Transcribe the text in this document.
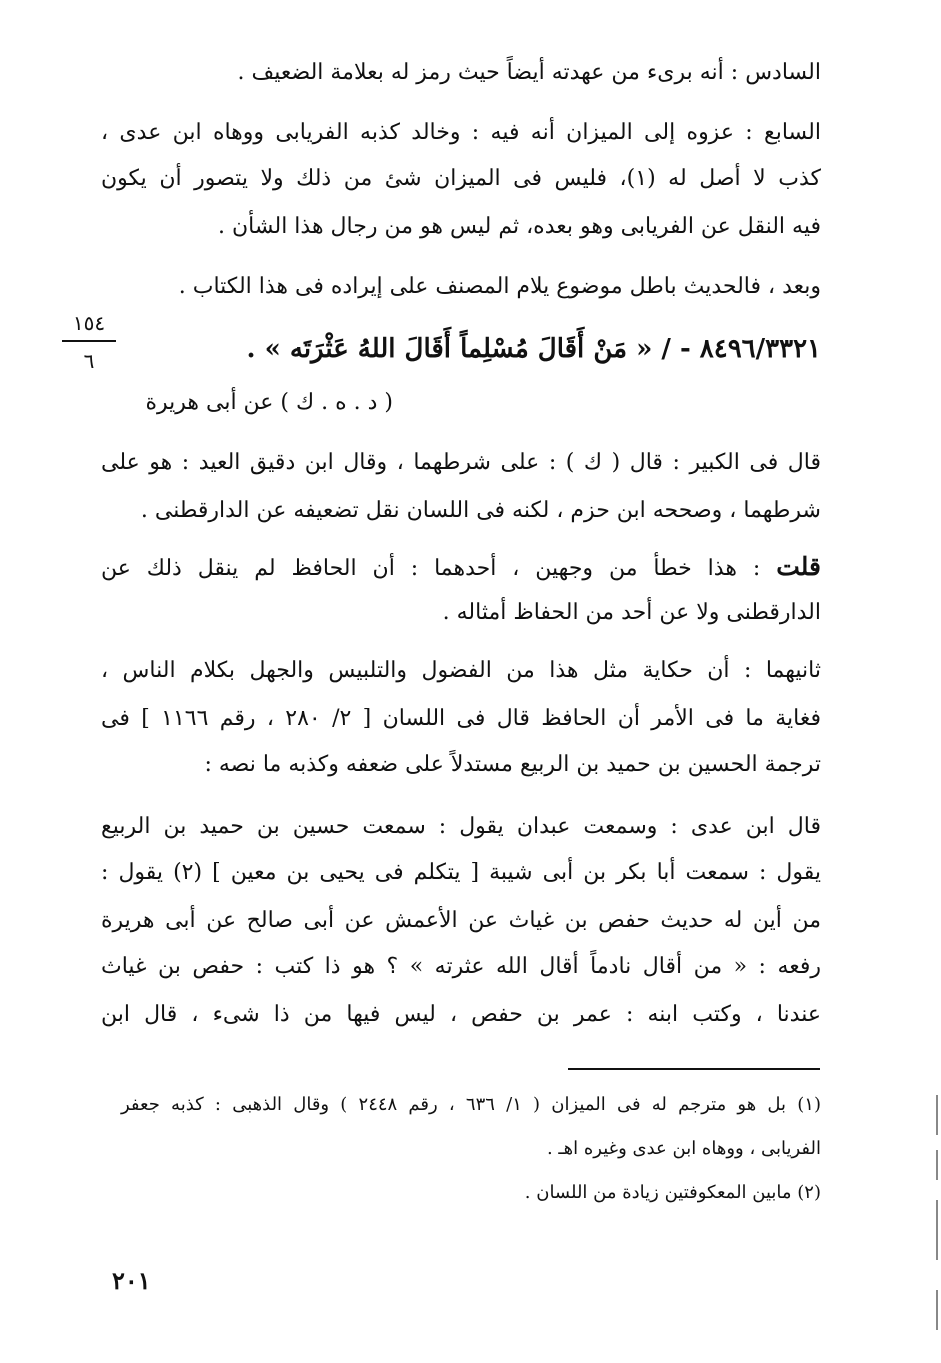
السادس : أنه برىء من عهدته أيضاً حيث رمز له بعلامة الضعيف .
السابع : عزوه إلى الميزان أنه فيه : وخالد كذبه الفريابى ووهاه ابن عدى ،
كذب لا أصل له (١)، فليس فى الميزان شئ من ذلك ولا يتصور أن يكون
فيه النقل عن الفريابى وهو بعده، ثم ليس هو من رجال هذا الشأن .
وبعد ، فالحديث باطل موضوع يلام المصنف على إيراده فى هذا الكتاب .
١٥٤
٦	٨٤٩٦/٣٣٢١ - / « مَنْ أَقَالَ مُسْلِماً أَقَالَ اللهُ عَثْرَتَه » .
( د . ه . ك ) عن أبى هريرة
قال فى الكبير : قال ( ك ) : على شرطهما ، وقال ابن دقيق العيد : هو على
شرطهما ، وصححه ابن حزم ، لكنه فى اللسان نقل تضعيفه عن الدارقطنى .
قلت : هذا خطأ من وجهين ، أحدهما : أن الحافظ لم ينقل ذلك عن
الدارقطنى ولا عن أحد من الحفاظ أمثاله .
ثانيهما : أن حكاية مثل هذا من الفضول والتلبيس والجهل بكلام الناس ،
فغاية ما فى الأمر أن الحافظ قال فى اللسان [ ٢/ ٢٨٠ ، رقم ١١٦٦ ] فى
ترجمة الحسين بن حميد بن الربيع مستدلاً على ضعفه وكذبه ما نصه :
قال ابن عدى : وسمعت عبدان يقول : سمعت حسين بن حميد بن الربيع
يقول : سمعت أبا بكر بن أبى شيبة [ يتكلم فى يحيى بن معين ] (٢) يقول :
من أين له حديث حفص بن غياث عن الأعمش عن أبى صالح عن أبى هريرة
رفعه : « من أقال نادماً أقال الله عثرته » ؟ هو ذا كتب : حفص بن غياث
عندنا ، وكتب ابنه : عمر بن حفص ، ليس فيها من ذا شىء ، قال ابن
(١) بل هو مترجم له فى الميزان ( ١/ ٦٣٦ ، رقم ٢٤٤٨ ) وقال الذهبى : كذبه جعفر
الفريابى ، ووهاه ابن عدى وغيره اهـ .
(٢) مابين المعكوفتين زيادة من اللسان .
٢٠١
